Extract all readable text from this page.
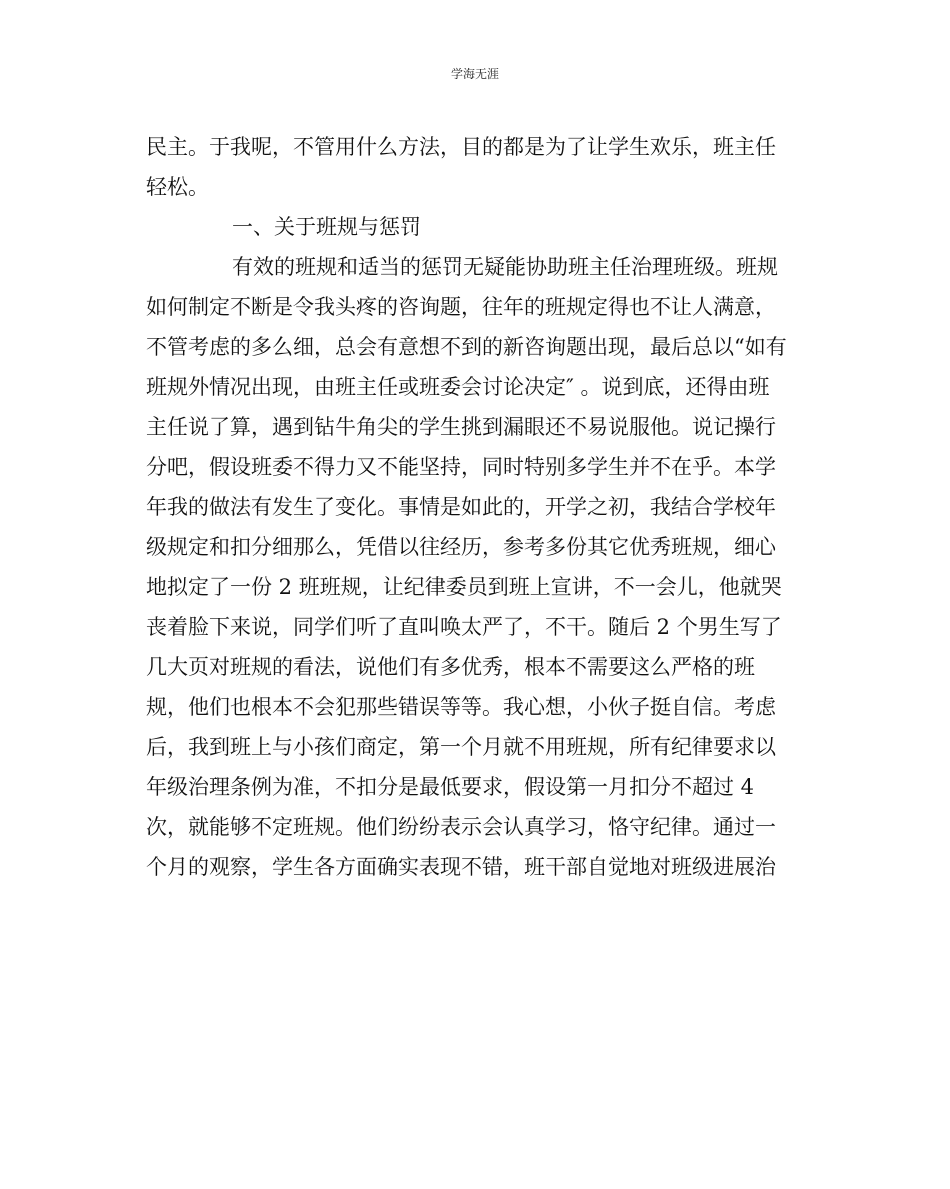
学海无涯
民主。于我呢，不管用什么方法，目的都是为了让学生欢乐，班主任
轻松。
一、关于班规与惩罚
有效的班规和适当的惩罚无疑能协助班主任治理班级。班规
如何制定不断是令我头疼的咨询题，往年的班规定得也不让人满意，
不管考虑的多么细，总会有意想不到的新咨询题出现，最后总以“如有
班规外情况出现，由班主任或班委会讨论决定″ 。说到底，还得由班
主任说了算，遇到钻牛角尖的学生挑到漏眼还不易说服他。说记操行
分吧，假设班委不得力又不能坚持，同时特别多学生并不在乎。本学
年我的做法有发生了变化。事情是如此的，开学之初，我结合学校年
级规定和扣分细那么，凭借以往经历，参考多份其它优秀班规，细心
地拟定了一份 2 班班规，让纪律委员到班上宣讲，不一会儿，他就哭
丧着脸下来说，同学们听了直叫唤太严了，不干。随后 2 个男生写了
几大页对班规的看法，说他们有多优秀，根本不需要这么严格的班
规，他们也根本不会犯那些错误等等。我心想，小伙子挺自信。考虑
后，我到班上与小孩们商定，第一个月就不用班规，所有纪律要求以
年级治理条例为准，不扣分是最低要求，假设第一月扣分不超过 4
次，就能够不定班规。他们纷纷表示会认真学习，恪守纪律。通过一
个月的观察，学生各方面确实表现不错，班干部自觉地对班级进展治
